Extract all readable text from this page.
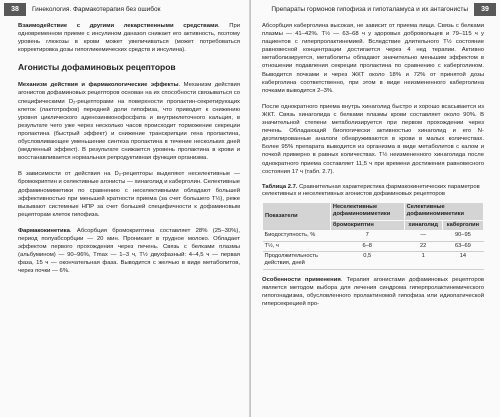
38 Гинекология. Фармакотерапия без ошибок

Взаимодействие с другими лекарственными средствами. При одновременном приеме с инсулином даназол снижает его активность, поэтому уровень глюкозы в крови может увеличиваться (может потребоваться корректировка дозы гипогликемических средств и инсулина).

Агонисты дофаминовых рецепторов

Механизм действия и фармакологические эффекты. Механизм действия агонистов дофаминовых рецепторов основан на их способности связываться со специфическими D₂-рецепторами на поверхности пролактин-секретирующих клеток (лактотрофов) передней доли гипофиза, что приводит к снижению уровня циклического аденозинмонофосфата и внутриклеточного кальция, в результате чего уже через несколько часов происходит торможение секреции пролактина (быстрый эффект) и снижение транскрипции гена пролактина, обусловливающее уменьшение синтеза пролактина в течение нескольких дней (медленный эффект). В результате снижается уровень пролактина в крови и восстанавливается нормальная репродуктивная функция организма.

В зависимости от действия на D₂-рецепторы выделяют неселективные — бромокриптин и селективные агонисты — хинаголид и каберголин. Селективные дофаминомиметики по сравнению с неселективными обладают большей эффективностью при меньшей кратности приема (за счет большего T½), реже вызывают системные НПР за счет большей специфичности к дофаминовым рецепторам клеток гипофиза.

Фармакокинетика. Абсорбция бромокриптина составляет 28% (25–30%), период полуабсорбции — 20 мин. Проникает в грудное молоко. Обладает эффектом первого прохождения через печень. Связь с белками плазмы (альбумином) — 90–96%, Tmax — 1–3 ч, T½ двухфазный: 4–4,5 ч — первая фаза, 15 ч — окончательная фаза. Выводится с желчью в виде метаболитов, через почки — 6%.

Препараты гормонов гипофиза и гипоталамуса и их антагонисты	39

Абсорбция каберголина высокая, не зависит от приема пищи. Связь с белками плазмы — 41–42%. T½ — 63–68 ч у здоровых добровольцев и 79–115 ч у пациентов с гиперпролактинемией. Вследствие длительного T½ состояние равновесной концентрации достигается через 4 нед терапии. Активно метаболизируется, метаболиты обладают значительно меньшим эффектом в отношении подавления секреции пролактина по сравнению с каберголином. Выводится почками и через ЖКТ около 18% и 72% от принятой дозы каберголина соответственно, при этом в виде неизмененного каберголина почками выводится 2–3%.

После однократного приема внутрь хинаголид быстро и хорошо всасывается из ЖКТ. Связь хинаголида с белками плазмы крови составляет около 90%. В значительной степени метаболизируется при первом прохождении через печень. Обладающий биологически активностью хинаголид и его N-деэтилированные аналоги обнаруживаются в крови в малых количествах. Более 95% препарата выводится из организма в виде метаболитов с калом и почкой примерно в равных количествах. T½ неизмененного хинаголида после однократного приема составляет 11,5 ч при времени достижения равновесного состояния 17 ч (табл. 2.7).

Таблица 2.7. Сравнительная характеристика фармакокинетических параметров селективных и неселективных агонистов дофаминовых рецепторов
Показатели	Неселективные дофаминомиметики	Селективные дофаминомиметики	
	бромокриптин	хинаголид	каберголин
Биодоступность, %	7	—	90–95
T½, ч	6–8	22	63–69
Продолжительность действия, дней	0,5	1	14

Особенности применения. Терапия агонистами дофаминовых рецепторов является методом выбора для лечения синдрома гиперпролактинемического гипогонадизма, обусловленного пролактиномой гипофиза или идиопатической гиперсекрецией про-
